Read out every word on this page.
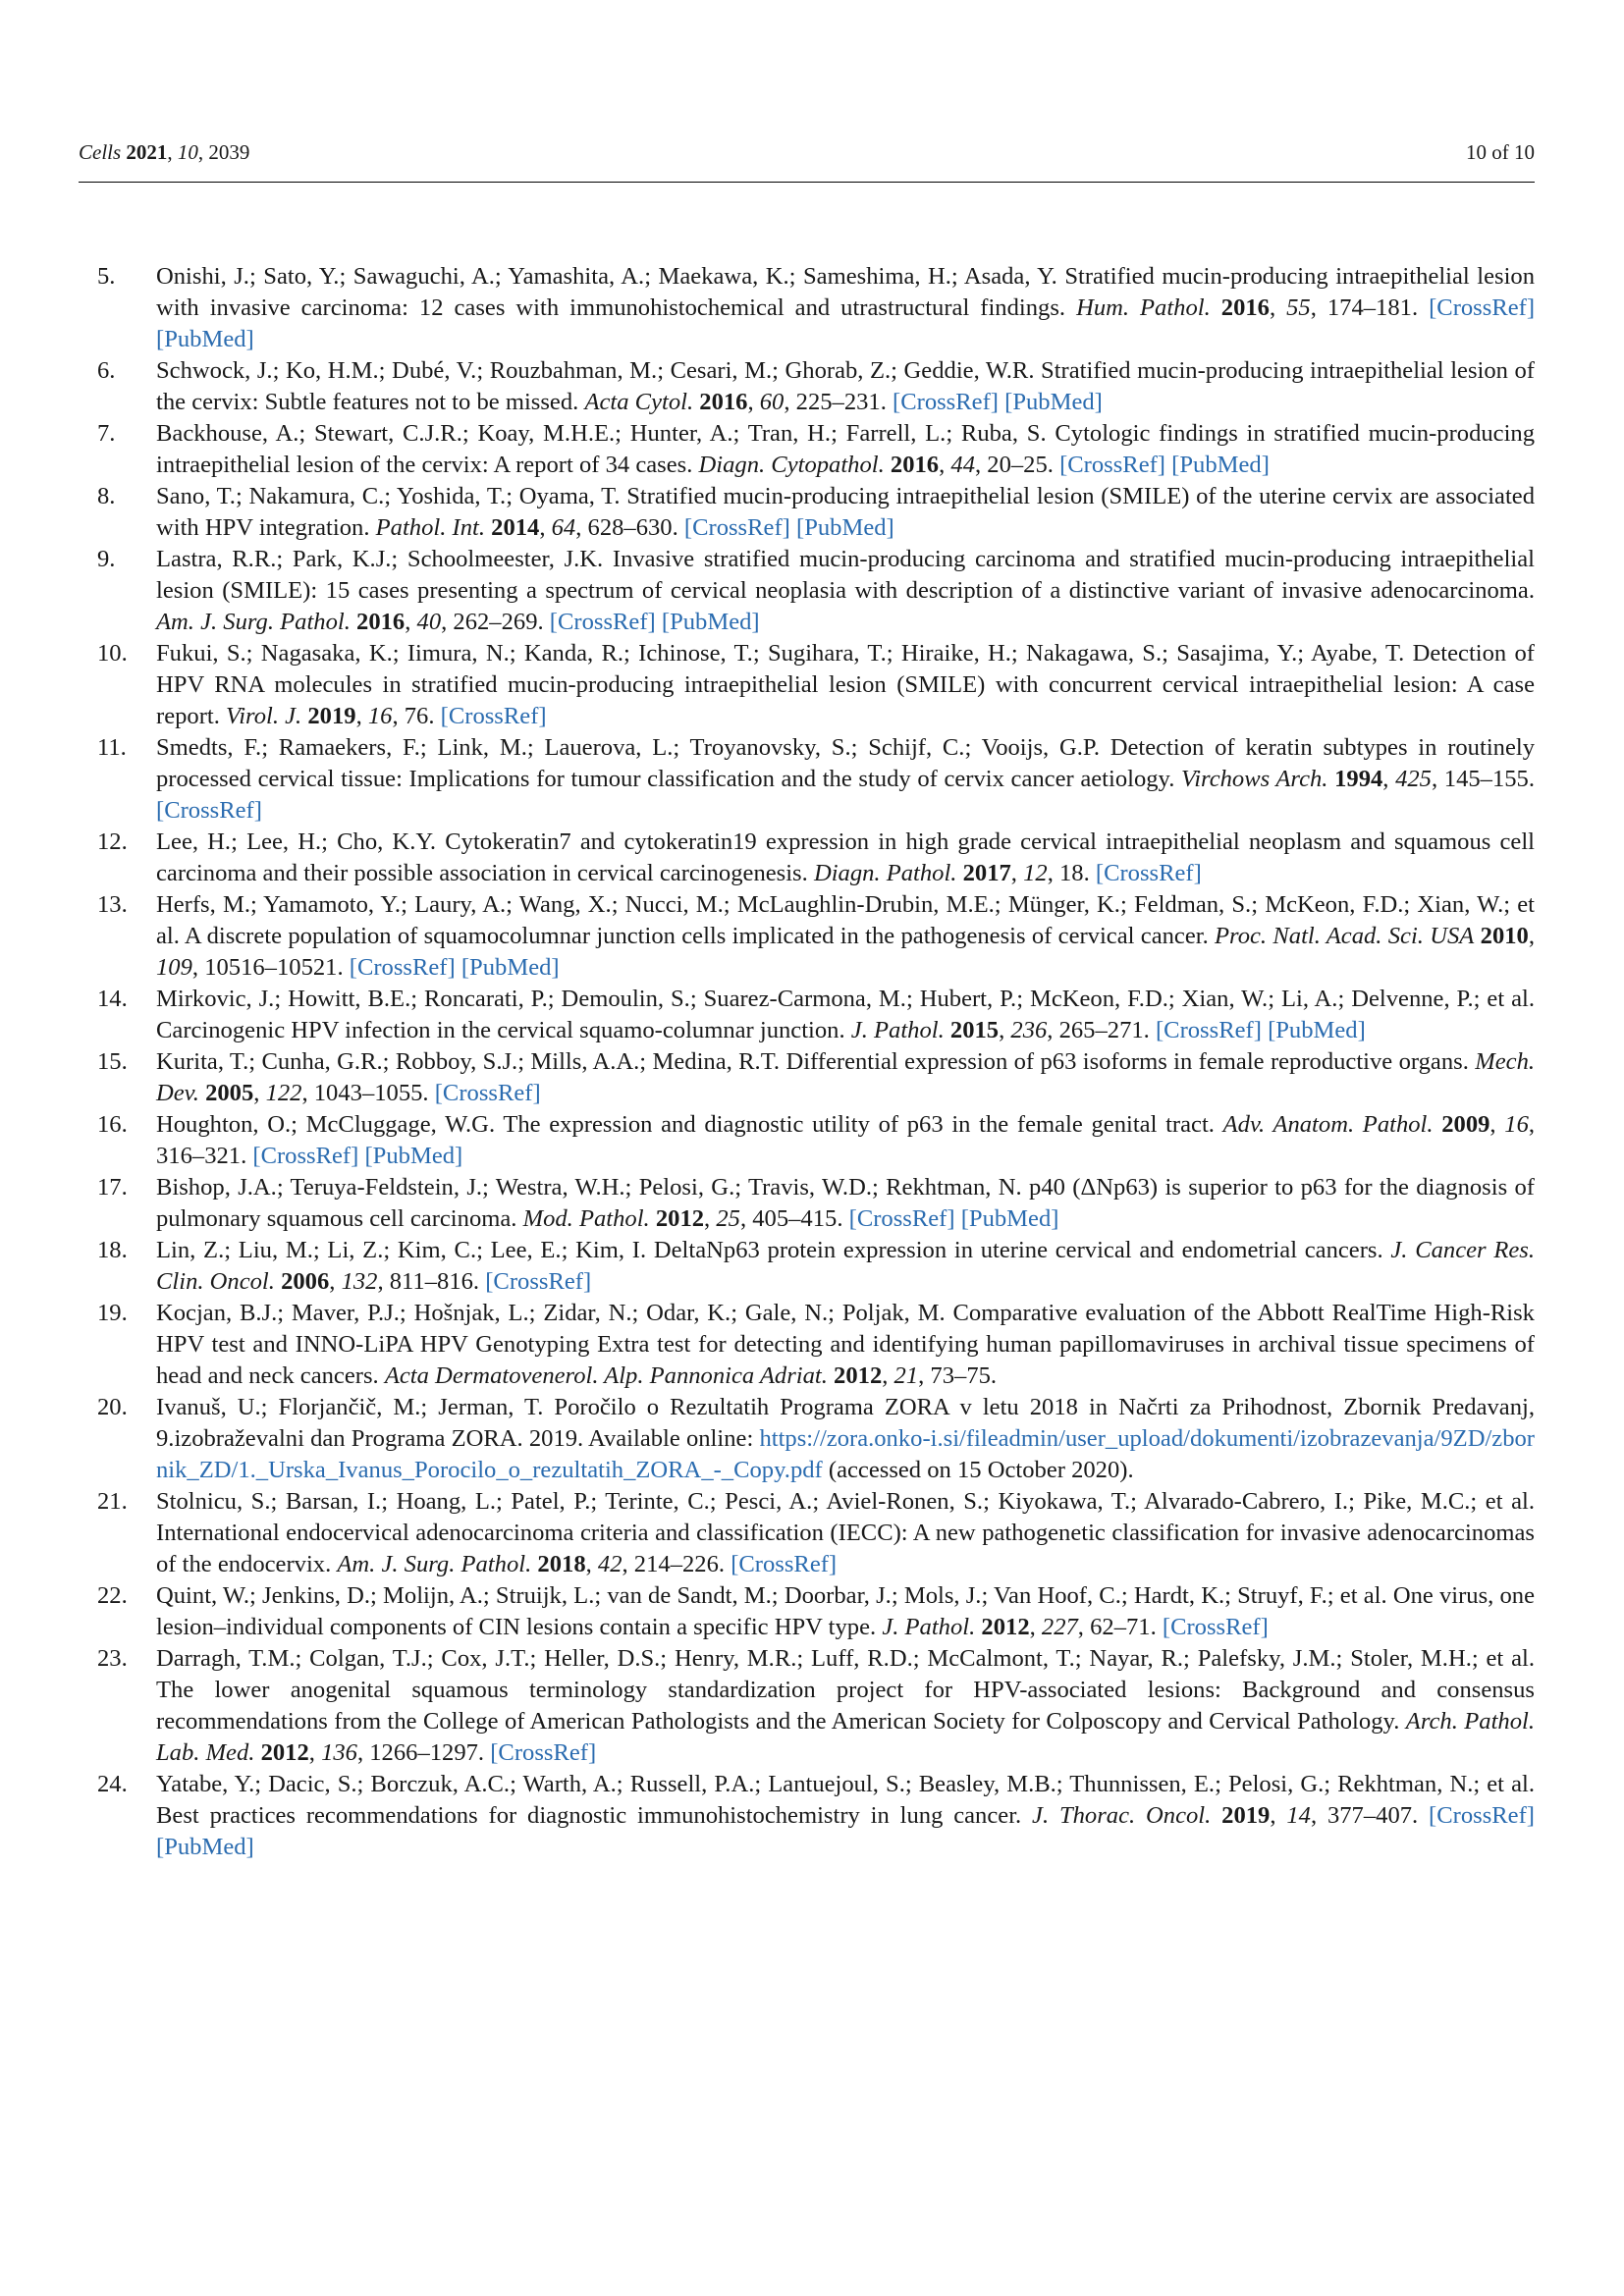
Cells 2021, 10, 2039	10 of 10
5. Onishi, J.; Sato, Y.; Sawaguchi, A.; Yamashita, A.; Maekawa, K.; Sameshima, H.; Asada, Y. Stratified mucin-producing intraepithelial lesion with invasive carcinoma: 12 cases with immunohistochemical and utrastructural findings. Hum. Pathol. 2016, 55, 174–181. [CrossRef] [PubMed]
6. Schwock, J.; Ko, H.M.; Dubé, V.; Rouzbahman, M.; Cesari, M.; Ghorab, Z.; Geddie, W.R. Stratified mucin-producing intraepithelial lesion of the cervix: Subtle features not to be missed. Acta Cytol. 2016, 60, 225–231. [CrossRef] [PubMed]
7. Backhouse, A.; Stewart, C.J.R.; Koay, M.H.E.; Hunter, A.; Tran, H.; Farrell, L.; Ruba, S. Cytologic findings in stratified mucin-producing intraepithelial lesion of the cervix: A report of 34 cases. Diagn. Cytopathol. 2016, 44, 20–25. [CrossRef] [PubMed]
8. Sano, T.; Nakamura, C.; Yoshida, T.; Oyama, T. Stratified mucin-producing intraepithelial lesion (SMILE) of the uterine cervix are associated with HPV integration. Pathol. Int. 2014, 64, 628–630. [CrossRef] [PubMed]
9. Lastra, R.R.; Park, K.J.; Schoolmeester, J.K. Invasive stratified mucin-producing carcinoma and stratified mucin-producing intraepithelial lesion (SMILE): 15 cases presenting a spectrum of cervical neoplasia with description of a distinctive variant of invasive adenocarcinoma. Am. J. Surg. Pathol. 2016, 40, 262–269. [CrossRef] [PubMed]
10. Fukui, S.; Nagasaka, K.; Iimura, N.; Kanda, R.; Ichinose, T.; Sugihara, T.; Hiraike, H.; Nakagawa, S.; Sasajima, Y.; Ayabe, T. Detection of HPV RNA molecules in stratified mucin-producing intraepithelial lesion (SMILE) with concurrent cervical intraepithelial lesion: A case report. Virol. J. 2019, 16, 76. [CrossRef]
11. Smedts, F.; Ramaekers, F.; Link, M.; Lauerova, L.; Troyanovsky, S.; Schijf, C.; Vooijs, G.P. Detection of keratin subtypes in routinely processed cervical tissue: Implications for tumour classification and the study of cervix cancer aetiology. Virchows Arch. 1994, 425, 145–155. [CrossRef]
12. Lee, H.; Lee, H.; Cho, K.Y. Cytokeratin7 and cytokeratin19 expression in high grade cervical intraepithelial neoplasm and squamous cell carcinoma and their possible association in cervical carcinogenesis. Diagn. Pathol. 2017, 12, 18. [CrossRef]
13. Herfs, M.; Yamamoto, Y.; Laury, A.; Wang, X.; Nucci, M.; McLaughlin-Drubin, M.E.; Münger, K.; Feldman, S.; McKeon, F.D.; Xian, W.; et al. A discrete population of squamocolumnar junction cells implicated in the pathogenesis of cervical cancer. Proc. Natl. Acad. Sci. USA 2010, 109, 10516–10521. [CrossRef] [PubMed]
14. Mirkovic, J.; Howitt, B.E.; Roncarati, P.; Demoulin, S.; Suarez-Carmona, M.; Hubert, P.; McKeon, F.D.; Xian, W.; Li, A.; Delvenne, P.; et al. Carcinogenic HPV infection in the cervical squamo-columnar junction. J. Pathol. 2015, 236, 265–271. [CrossRef] [PubMed]
15. Kurita, T.; Cunha, G.R.; Robboy, S.J.; Mills, A.A.; Medina, R.T. Differential expression of p63 isoforms in female reproductive organs. Mech. Dev. 2005, 122, 1043–1055. [CrossRef]
16. Houghton, O.; McCluggage, W.G. The expression and diagnostic utility of p63 in the female genital tract. Adv. Anatom. Pathol. 2009, 16, 316–321. [CrossRef] [PubMed]
17. Bishop, J.A.; Teruya-Feldstein, J.; Westra, W.H.; Pelosi, G.; Travis, W.D.; Rekhtman, N. p40 (ΔNp63) is superior to p63 for the diagnosis of pulmonary squamous cell carcinoma. Mod. Pathol. 2012, 25, 405–415. [CrossRef] [PubMed]
18. Lin, Z.; Liu, M.; Li, Z.; Kim, C.; Lee, E.; Kim, I. DeltaNp63 protein expression in uterine cervical and endometrial cancers. J. Cancer Res. Clin. Oncol. 2006, 132, 811–816. [CrossRef]
19. Kocjan, B.J.; Maver, P.J.; Hošnjak, L.; Zidar, N.; Odar, K.; Gale, N.; Poljak, M. Comparative evaluation of the Abbott RealTime High-Risk HPV test and INNO-LiPA HPV Genotyping Extra test for detecting and identifying human papillomaviruses in archival tissue specimens of head and neck cancers. Acta Dermatovenerol. Alp. Pannonica Adriat. 2012, 21, 73–75.
20. Ivanuš, U.; Florjančič, M.; Jerman, T. Poročilo o Rezultatih Programa ZORA v letu 2018 in Načrti za Prihodnost, Zbornik Predavanj, 9.izobraževalni dan Programa ZORA. 2019. Available online: https://zora.onko-i.si/fileadmin/user_upload/dokumenti/izobrazevanja/9ZD/zbornik_ZD/1._Urska_Ivanus_Porocilo_o_rezultatih_ZORA_-_Copy.pdf (accessed on 15 October 2020).
21. Stolnicu, S.; Barsan, I.; Hoang, L.; Patel, P.; Terinte, C.; Pesci, A.; Aviel-Ronen, S.; Kiyokawa, T.; Alvarado-Cabrero, I.; Pike, M.C.; et al. International endocervical adenocarcinoma criteria and classification (IECC): A new pathogenetic classification for invasive adenocarcinomas of the endocervix. Am. J. Surg. Pathol. 2018, 42, 214–226. [CrossRef]
22. Quint, W.; Jenkins, D.; Molijn, A.; Struijk, L.; van de Sandt, M.; Doorbar, J.; Mols, J.; Van Hoof, C.; Hardt, K.; Struyf, F.; et al. One virus, one lesion–individual components of CIN lesions contain a specific HPV type. J. Pathol. 2012, 227, 62–71. [CrossRef]
23. Darragh, T.M.; Colgan, T.J.; Cox, J.T.; Heller, D.S.; Henry, M.R.; Luff, R.D.; McCalmont, T.; Nayar, R.; Palefsky, J.M.; Stoler, M.H.; et al. The lower anogenital squamous terminology standardization project for HPV-associated lesions: Background and consensus recommendations from the College of American Pathologists and the American Society for Colposcopy and Cervical Pathology. Arch. Pathol. Lab. Med. 2012, 136, 1266–1297. [CrossRef]
24. Yatabe, Y.; Dacic, S.; Borczuk, A.C.; Warth, A.; Russell, P.A.; Lantuejoul, S.; Beasley, M.B.; Thunnissen, E.; Pelosi, G.; Rekhtman, N.; et al. Best practices recommendations for diagnostic immunohistochemistry in lung cancer. J. Thorac. Oncol. 2019, 14, 377–407. [CrossRef] [PubMed]
